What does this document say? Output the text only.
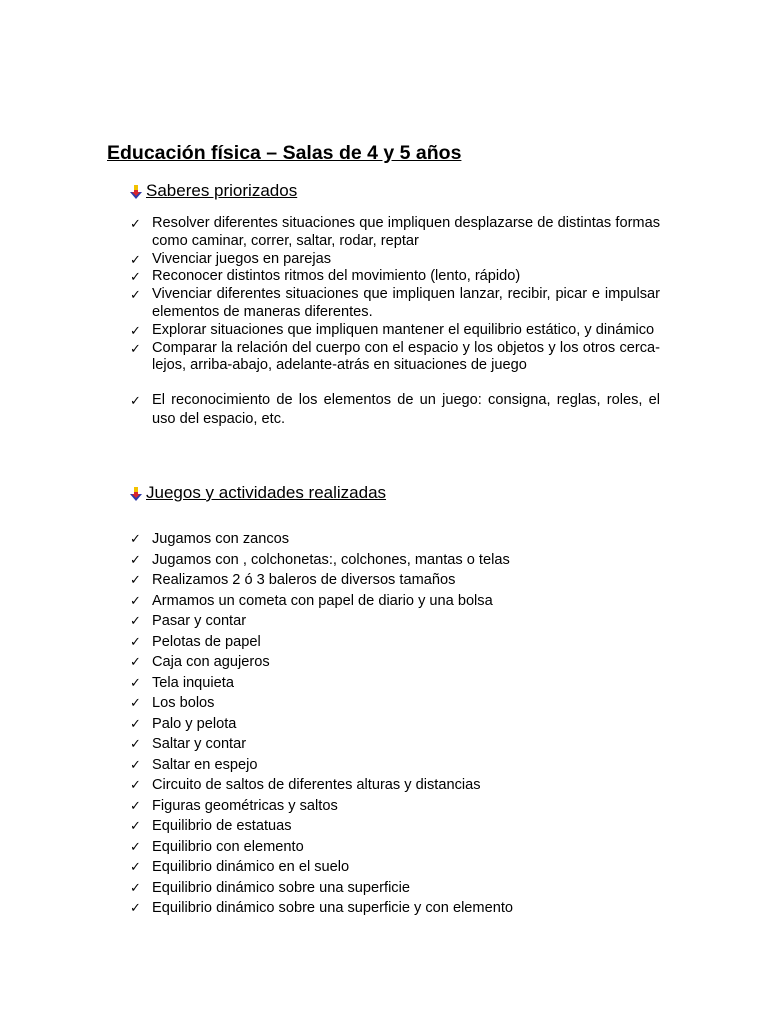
Educación física – Salas de 4 y 5 años
Saberes priorizados
✓ Resolver diferentes situaciones que impliquen desplazarse de distintas formas como caminar, correr, saltar, rodar, reptar
✓ Vivenciar juegos en parejas
✓ Reconocer distintos ritmos del movimiento (lento, rápido)
✓ Vivenciar diferentes situaciones que impliquen lanzar, recibir, picar e impulsar elementos de maneras diferentes.
✓ Explorar situaciones que impliquen mantener el equilibrio estático, y dinámico
✓ Comparar la relación del cuerpo con el espacio y los objetos y los otros cerca-lejos, arriba-abajo, adelante-atrás en situaciones de juego
✓ El reconocimiento de los elementos de un juego: consigna, reglas, roles, el uso del espacio, etc.
Juegos y actividades realizadas
✓ Jugamos con zancos
✓ Jugamos con , colchonetas:, colchones, mantas o telas
✓ Realizamos 2 ó 3 baleros de diversos tamaños
✓ Armamos un cometa con papel de diario y una bolsa
✓ Pasar y contar
✓ Pelotas de papel
✓ Caja con agujeros
✓ Tela inquieta
✓ Los bolos
✓ Palo y pelota
✓ Saltar y contar
✓ Saltar en espejo
✓ Circuito de saltos de diferentes alturas y distancias
✓ Figuras geométricas y saltos
✓ Equilibrio de estatuas
✓ Equilibrio con elemento
✓ Equilibrio dinámico en el suelo
✓ Equilibrio dinámico sobre una superficie
✓ Equilibrio dinámico sobre una superficie y con elemento
